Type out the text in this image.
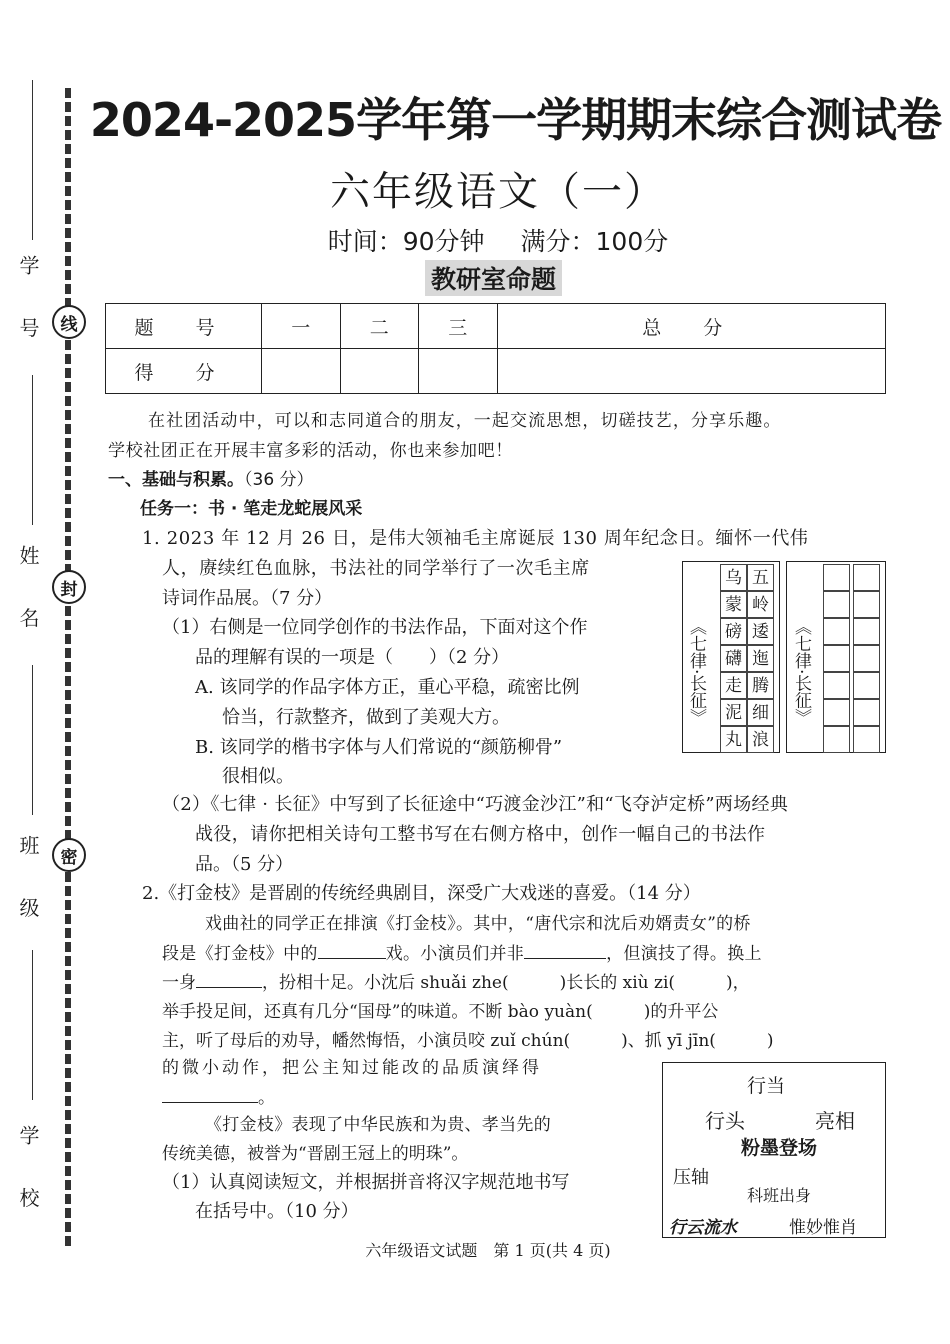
线
封
密
学 号
姓 名
班 级
学 校
2024-2025学年第一学期期末综合测试卷
六年级语文（一）
时间：90分钟 满分：100分
教研室命题
题 号	一	二	三	总 分
得 分				
在社团活动中，可以和志同道合的朋友，一起交流思想，切磋技艺，分享乐趣。
学校社团正在开展丰富多彩的活动，你也来参加吧！
一、基础与积累。（36 分）
任务一：书 · 笔走龙蛇展风采
1. 2023 年 12 月 26 日，是伟大领袖毛主席诞辰 130 周年纪念日。缅怀一代伟
人，赓续红色血脉，书法社的同学举行了一次毛主席
诗词作品展。（7 分）
（1）右侧是一位同学创作的书法作品，下面对这个作
品的理解有误的一项是（　　）（2 分）
A. 该同学的作品字体方正，重心平稳，疏密比例
恰当，行款整齐，做到了美观大方。
B. 该同学的楷书字体与人们常说的“颜筋柳骨”
很相似。
（2）《七律 · 长征》中写到了长征途中“巧渡金沙江”和“飞夺泸定桥”两场经典
战役，请你把相关诗句工整书写在右侧方格中，创作一幅自己的书法作
品。（5 分）
《七律·长征》
乌
蒙
磅
礴
走
泥
丸
五
岭
逶
迤
腾
细
浪
《七律·长征》
2.《打金枝》是晋剧的传统经典剧目，深受广大戏迷的喜爱。（14 分）
戏曲社的同学正在排演《打金枝》。其中，“唐代宗和沈后劝婿责女”的桥
段是《打金枝》中的	戏。小演员们并非	，但演技了得。换上
一身	，扮相十足。小沈后 shuǎi zhe(　　　)长长的 xiù zi(　　　)，
举手投足间，还真有几分“国母”的味道。不断 bào yuàn(　　　)的升平公
主，听了母后的劝导，幡然悔悟，小演员咬 zuǐ chún(　　　)、抓 yī jīn(　　　)
的微小动作，把公主知过能改的品质演绎得
。
《打金枝》表现了中华民族和为贵、孝当先的
传统美德，被誉为“晋剧王冠上的明珠”。
（1）认真阅读短文，并根据拼音将汉字规范地书写
在括号中。（10 分）
行当
行头	亮相
粉墨登场
压轴
科班出身
行云流水	惟妙惟肖
六年级语文试题　第 1 页(共 4 页)
